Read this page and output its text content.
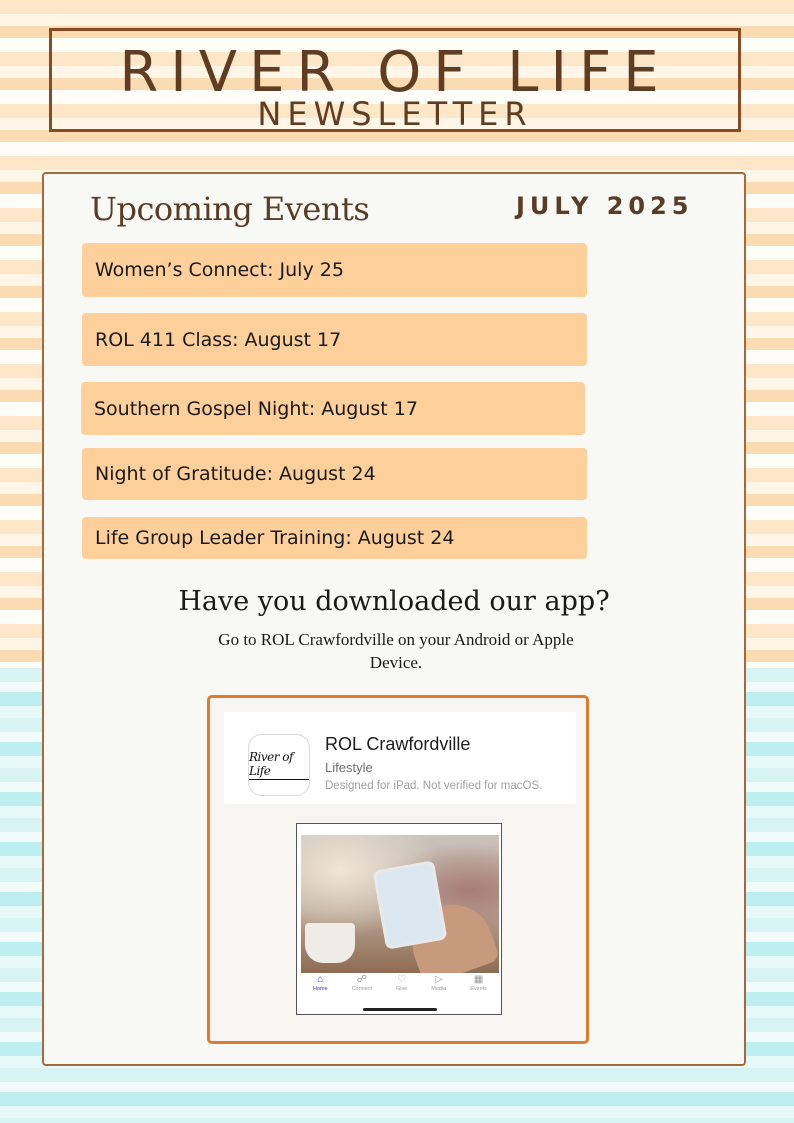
RIVER OF LIFE
NEWSLETTER
Upcoming Events	JULY 2025
Women’s Connect: July 25
ROL 411 Class: August 17
Southern Gospel Night: August 17
Night of Gratitude: August 24
Life Group Leader Training: August 24
Have you downloaded our app?

Go to ROL Crawfordville on your Android or Apple Device.

River of Life
ROL Crawfordville
Lifestyle
Designed for iPad. Not verified for macOS.
⌂
Home
☍
Connect
♡
Give
▷
Media
▦
Events
